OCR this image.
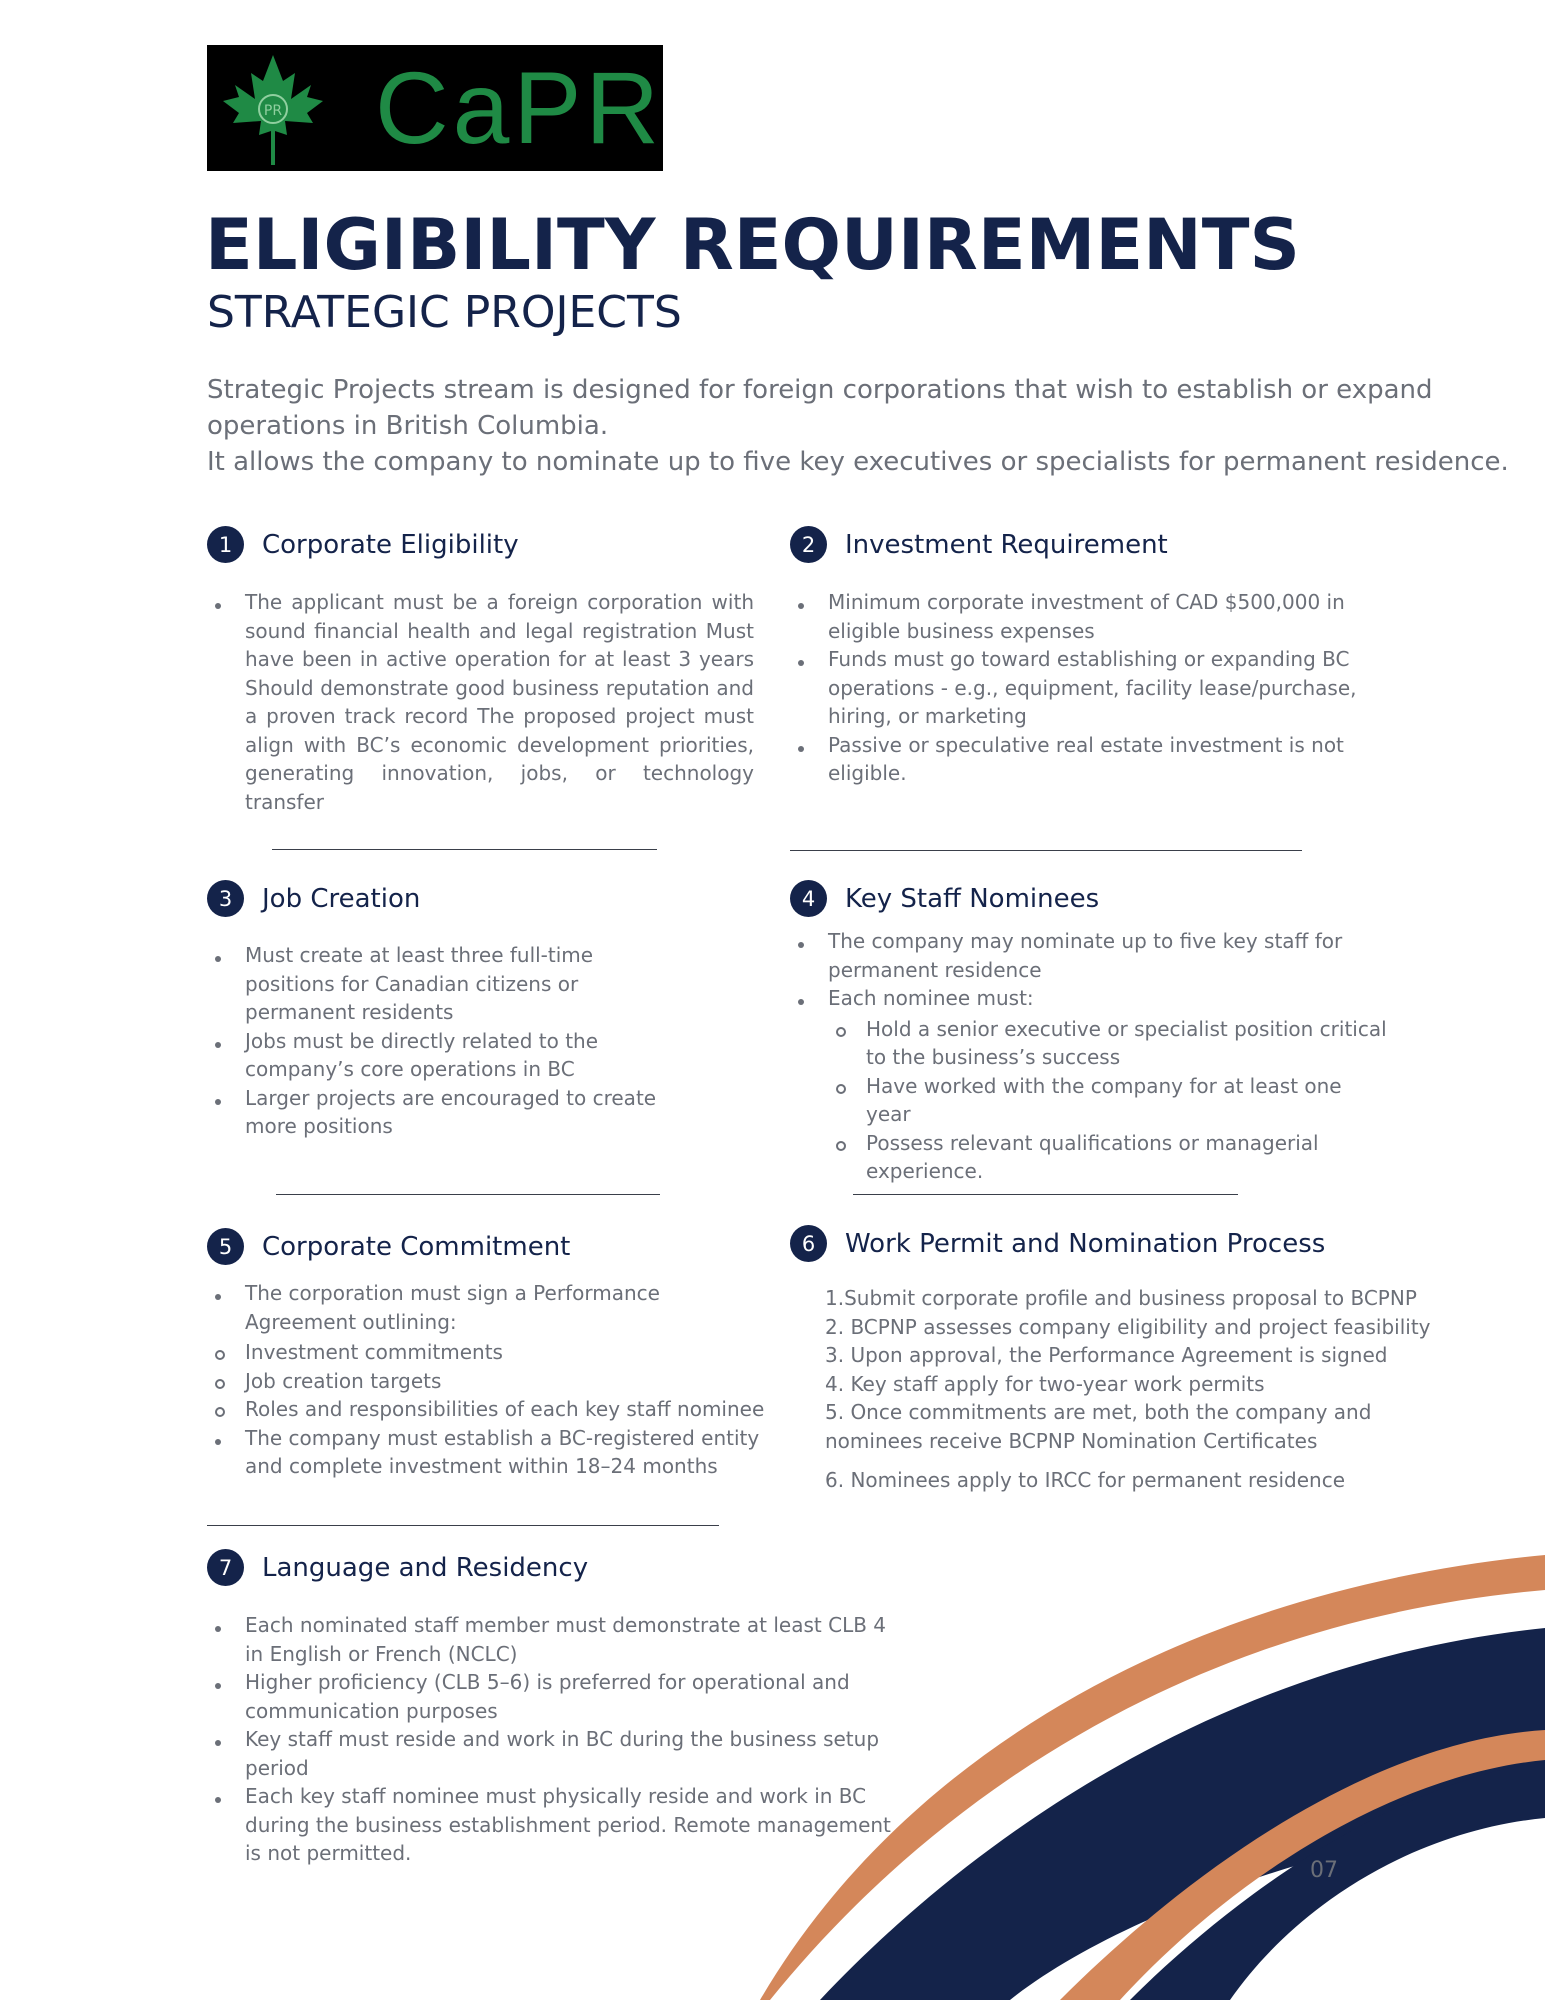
PR CaPR
ELIGIBILITY REQUIREMENTS
STRATEGIC PROJECTS

Strategic Projects stream is designed for foreign corporations that wish to establish or expand

operations in British Columbia.

It allows the company to nominate up to five key executives or specialists for permanent residence.

1	Corporate Eligibility
The applicant must be a foreign corporation with sound financial health and legal registration Must have been in active operation for at least 3 years Should demonstrate good business reputation and a proven track record The proposed project must align with BC’s economic development priorities, generating innovation, jobs, or technology transfer
2	Investment Requirement
Minimum corporate investment of CAD $500,000 in eligible business expenses
Funds must go toward establishing or expanding BC operations - e.g., equipment, facility lease/purchase, hiring, or marketing
Passive or speculative real estate investment is not eligible.
3	Job Creation
Must create at least three full-time positions for Canadian citizens or permanent residents
Jobs must be directly related to the company’s core operations in BC
Larger projects are encouraged to create more positions
4	Key Staff Nominees
The company may nominate up to five key staff for permanent residence
Each nominee must:
Hold a senior executive or specialist position critical to the business’s success
Have worked with the company for at least one year
Possess relevant qualifications or managerial experience.
5	Corporate Commitment
The corporation must sign a Performance Agreement outlining:
Investment commitments
Job creation targets
Roles and responsibilities of each key staff nominee
The company must establish a BC-registered entity and complete investment within 18–24 months
6	Work Permit and Nomination Process
1.Submit corporate profile and business proposal to BCPNP
2. BCPNP assesses company eligibility and project feasibility
3. Upon approval, the Performance Agreement is signed
4. Key staff apply for two-year work permits
5. Once commitments are met, both the company and
nominees receive BCPNP Nomination Certificates
6. Nominees apply to IRCC for permanent residence
7	Language and Residency
Each nominated staff member must demonstrate at least CLB 4 in English or French (NCLC)
Higher proficiency (CLB 5–6) is preferred for operational and communication purposes
Key staff must reside and work in BC during the business setup period
Each key staff nominee must physically reside and work in BC during the business establishment period. Remote management is not permitted.
07
